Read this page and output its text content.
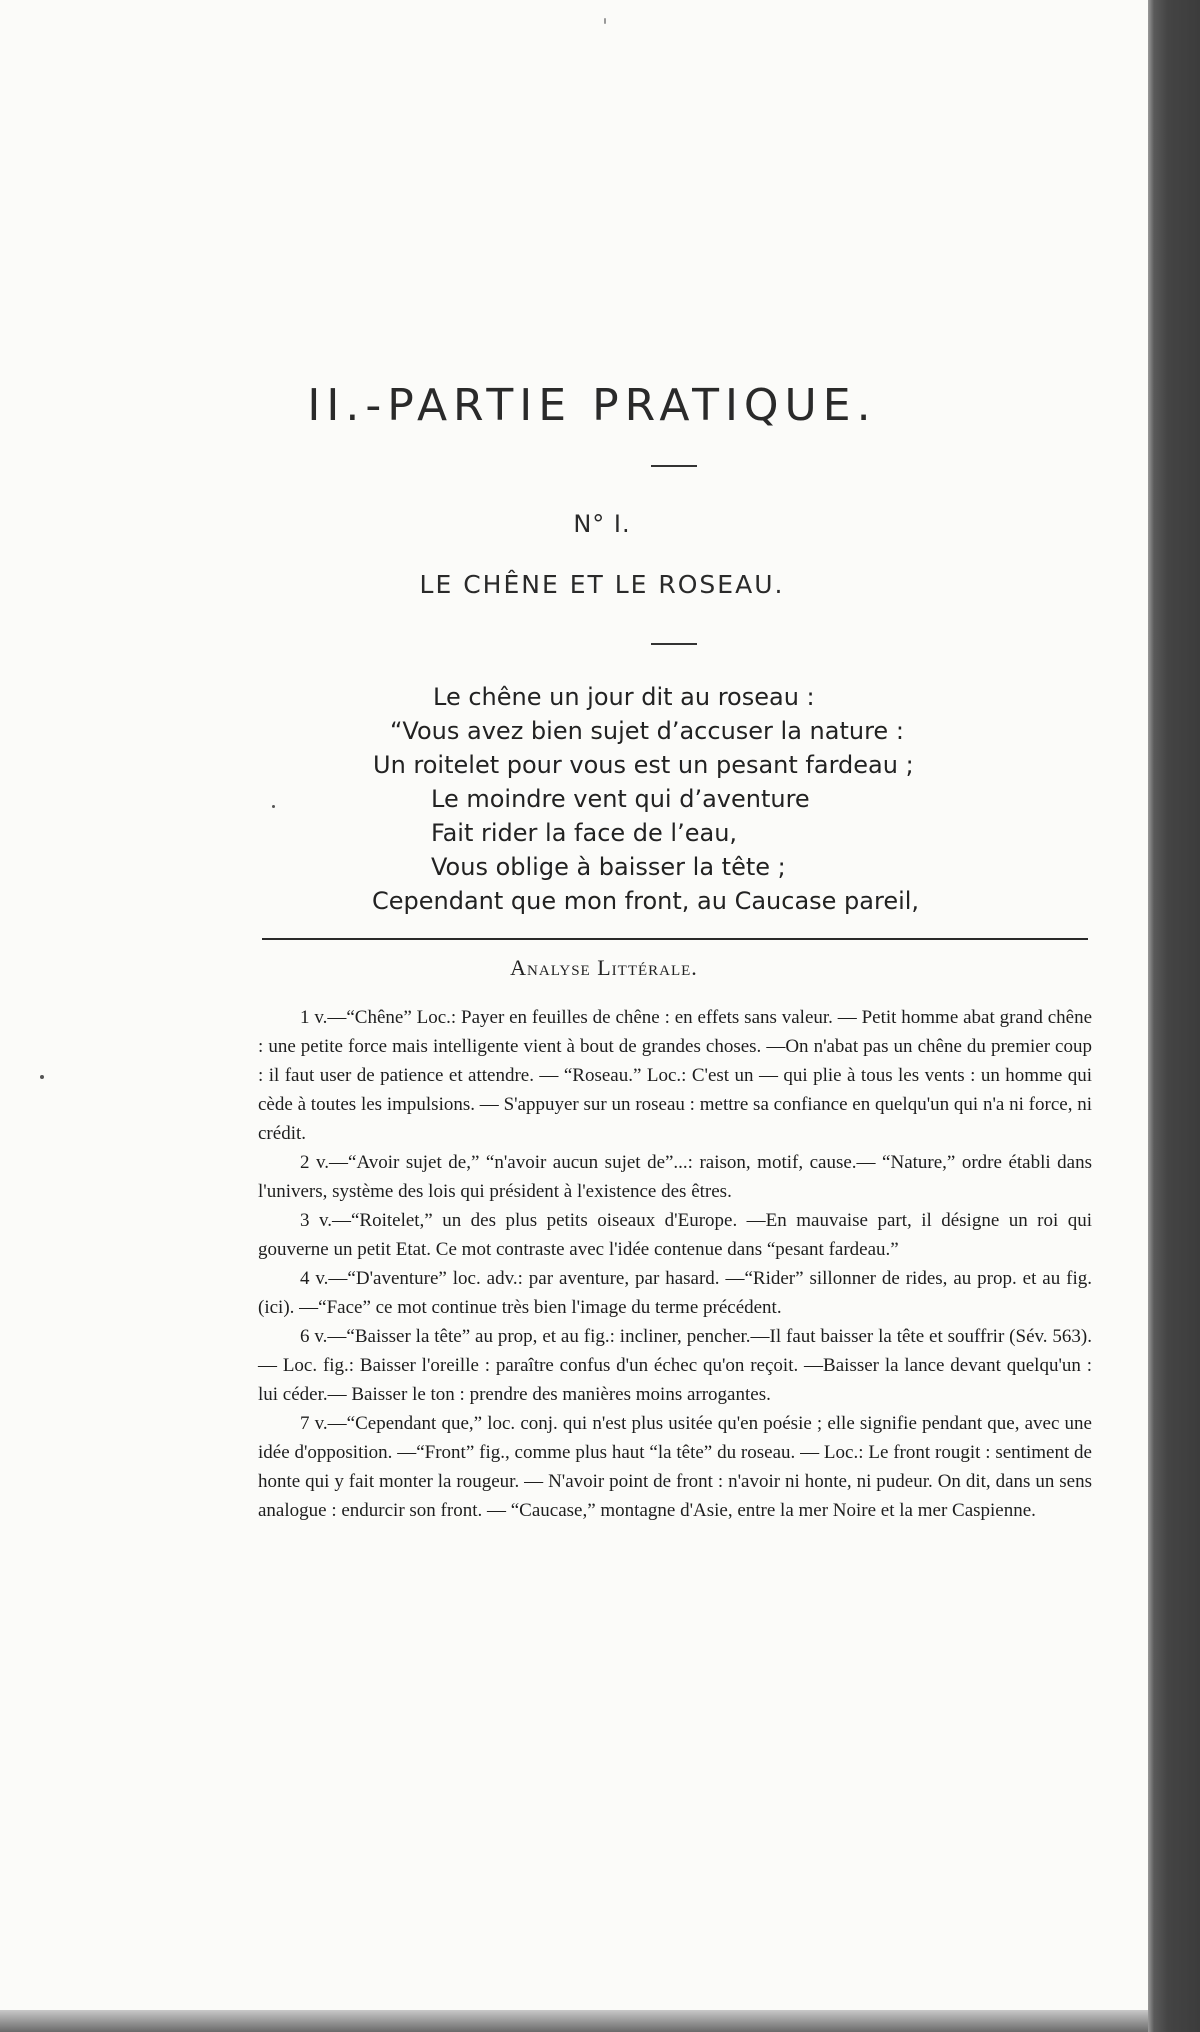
II.-PARTIE PRATIQUE.
N° I.
LE CHÊNE ET LE ROSEAU.
Le chêne un jour dit au roseau :
“Vous avez bien sujet d’accuser la nature :
Un roitelet pour vous est un pesant fardeau ;
Le moindre vent qui d’aventure
Fait rider la face de l’eau,
Vous oblige à baisser la tête ;
Cependant que mon front, au Caucase pareil,
Analyse Littérale.

1 v.—“Chêne” Loc.: Payer en feuilles de chêne : en effets sans valeur. — Petit homme abat grand chêne : une petite force mais intelligente vient à bout de grandes choses. —On n'abat pas un chêne du premier coup : il faut user de patience et attendre. — “Roseau.” Loc.: C'est un — qui plie à tous les vents : un homme qui cède à toutes les impulsions. — S'appuyer sur un roseau : mettre sa confiance en quelqu'un qui n'a ni force, ni crédit.

2 v.—“Avoir sujet de,” “n'avoir aucun sujet de”...: raison, motif, cause.— “Nature,” ordre établi dans l'univers, système des lois qui président à l'existence des êtres.

3 v.—“Roitelet,” un des plus petits oiseaux d'Europe. —En mauvaise part, il désigne un roi qui gouverne un petit Etat. Ce mot contraste avec l'idée contenue dans “pesant fardeau.”

4 v.—“D'aventure” loc. adv.: par aventure, par hasard. —“Rider” sillonner de rides, au prop. et au fig. (ici). —“Face” ce mot continue très bien l'image du terme précédent.

6 v.—“Baisser la tête” au prop, et au fig.: incliner, pencher.—Il faut baisser la tête et souffrir (Sév. 563). — Loc. fig.: Baisser l'oreille : paraître confus d'un échec qu'on reçoit. —Baisser la lance devant quelqu'un : lui céder.— Baisser le ton : prendre des manières moins arrogantes.

7 v.—“Cependant que,” loc. conj. qui n'est plus usitée qu'en poésie ; elle signifie pendant que, avec une idée d'opposition. —“Front” fig., comme plus haut “la tête” du roseau. — Loc.: Le front rougit : sentiment de honte qui y fait monter la rougeur. — N'avoir point de front : n'avoir ni honte, ni pudeur. On dit, dans un sens analogue : endurcir son front. — “Caucase,” montagne d'Asie, entre la mer Noire et la mer Caspienne.
